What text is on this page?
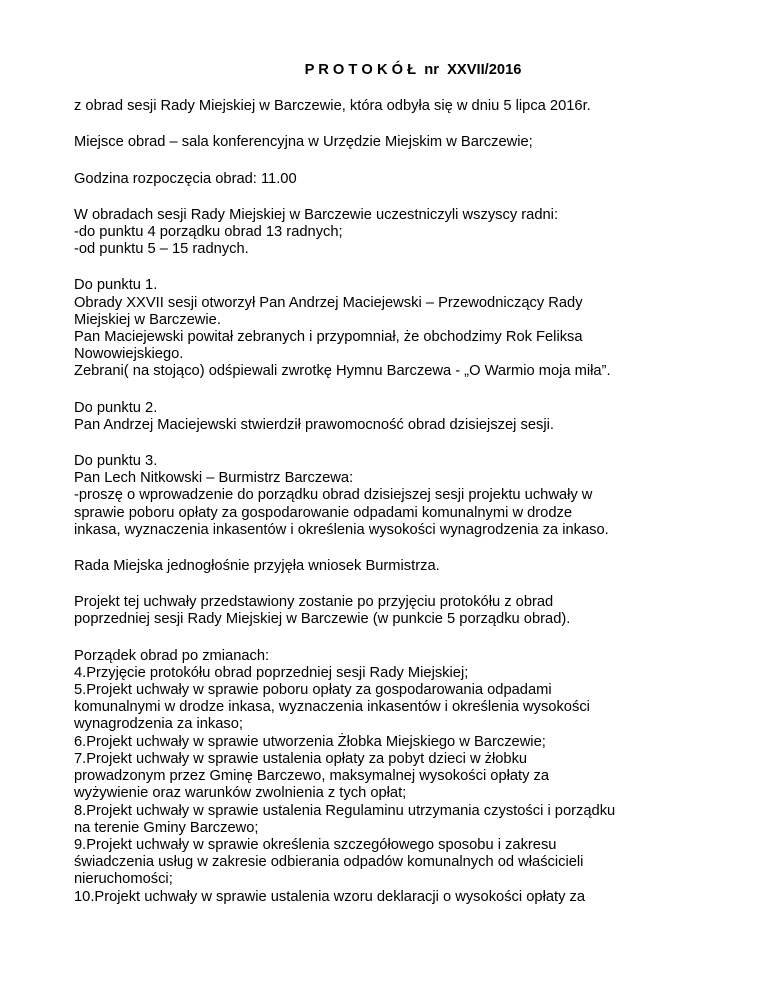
P R O T O K Ó Ł  nr  XXVII/2016
z obrad sesji Rady Miejskiej w Barczewie, która odbyła się w dniu 5 lipca 2016r.
Miejsce obrad – sala konferencyjna w Urzędzie Miejskim w Barczewie;
Godzina rozpoczęcia obrad: 11.00
W obradach sesji Rady Miejskiej w Barczewie uczestniczyli wszyscy radni:
-do punktu 4 porządku obrad 13 radnych;
-od punktu 5 – 15 radnych.
Do punktu 1.
Obrady XXVII sesji otworzył Pan Andrzej Maciejewski – Przewodniczący Rady
Miejskiej w Barczewie.
Pan Maciejewski powitał zebranych i przypomniał, że obchodzimy Rok Feliksa
Nowowiejskiego.
Zebrani( na stojąco) odśpiewali zwrotkę Hymnu Barczewa - „O Warmio moja miła”.
Do punktu 2.
Pan Andrzej Maciejewski stwierdził prawomocność obrad dzisiejszej sesji.
Do punktu 3.
Pan Lech Nitkowski – Burmistrz Barczewa:
-proszę o wprowadzenie do porządku obrad dzisiejszej sesji projektu uchwały w
sprawie poboru opłaty za gospodarowanie odpadami komunalnymi w drodze
inkasa, wyznaczenia inkasentów i określenia wysokości wynagrodzenia za inkaso.
Rada Miejska jednogłośnie przyjęła wniosek Burmistrza.
Projekt tej uchwały przedstawiony zostanie po przyjęciu protokółu z obrad
poprzedniej sesji Rady Miejskiej w Barczewie (w punkcie 5 porządku obrad).
Porządek obrad po zmianach:
4.Przyjęcie protokółu obrad poprzedniej sesji Rady Miejskiej;
5.Projekt uchwały w sprawie poboru opłaty za gospodarowania odpadami
komunalnymi w drodze inkasa, wyznaczenia inkasentów i określenia wysokości
wynagrodzenia za inkaso;
6.Projekt uchwały w sprawie utworzenia Żłobka Miejskiego w Barczewie;
7.Projekt uchwały w sprawie ustalenia opłaty za pobyt dzieci w żłobku
prowadzonym przez Gminę Barczewo, maksymalnej wysokości opłaty za
wyżywienie oraz warunków zwolnienia z tych opłat;
8.Projekt uchwały w sprawie ustalenia Regulaminu utrzymania czystości i porządku
na terenie Gminy Barczewo;
9.Projekt uchwały w sprawie określenia szczegółowego sposobu i zakresu
świadczenia usług w zakresie odbierania odpadów komunalnych od właścicieli
nieruchomości;
10.Projekt uchwały w sprawie ustalenia wzoru deklaracji o wysokości opłaty za
